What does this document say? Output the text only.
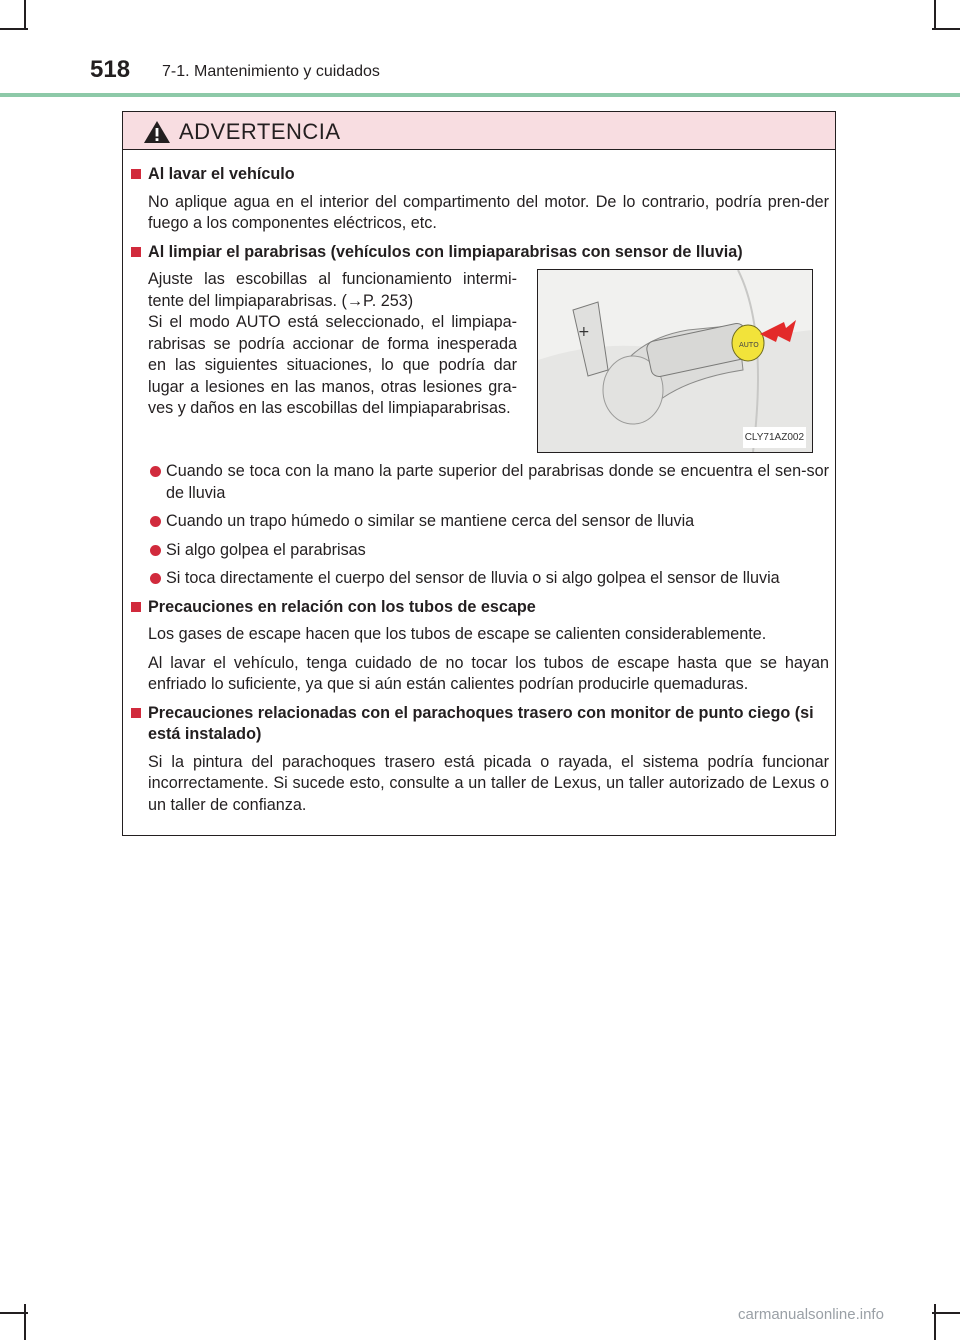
518 7-1. Mantenimiento y cuidados
ADVERTENCIA
Al lavar el vehículo
No aplique agua en el interior del compartimento del motor. De lo contrario, podría pren-der fuego a los componentes eléctricos, etc.
Al limpiar el parabrisas (vehículos con limpiaparabrisas con sensor de lluvia)
Ajuste las escobillas al funcionamiento intermi-tente del limpiaparabrisas. (→P. 253)
Si el modo AUTO está seleccionado, el limpiapa-rabrisas se podría accionar de forma inesperada en las siguientes situaciones, lo que podría dar lugar a lesiones en las manos, otras lesiones gra-ves y daños en las escobillas del limpiaparabrisas.
+
AUTO
CLY71AZ002
Cuando se toca con la mano la parte superior del parabrisas donde se encuentra el sen-sor de lluvia
Cuando un trapo húmedo o similar se mantiene cerca del sensor de lluvia
Si algo golpea el parabrisas
Si toca directamente el cuerpo del sensor de lluvia o si algo golpea el sensor de lluvia
Precauciones en relación con los tubos de escape
Los gases de escape hacen que los tubos de escape se calienten considerablemente.
Al lavar el vehículo, tenga cuidado de no tocar los tubos de escape hasta que se hayan enfriado lo suficiente, ya que si aún están calientes podrían producirle quemaduras.
Precauciones relacionadas con el parachoques trasero con monitor de punto ciego (si está instalado)
Si la pintura del parachoques trasero está picada o rayada, el sistema podría funcionar incorrectamente. Si sucede esto, consulte a un taller de Lexus, un taller autorizado de Lexus o un taller de confianza.
carmanualsonline.info
